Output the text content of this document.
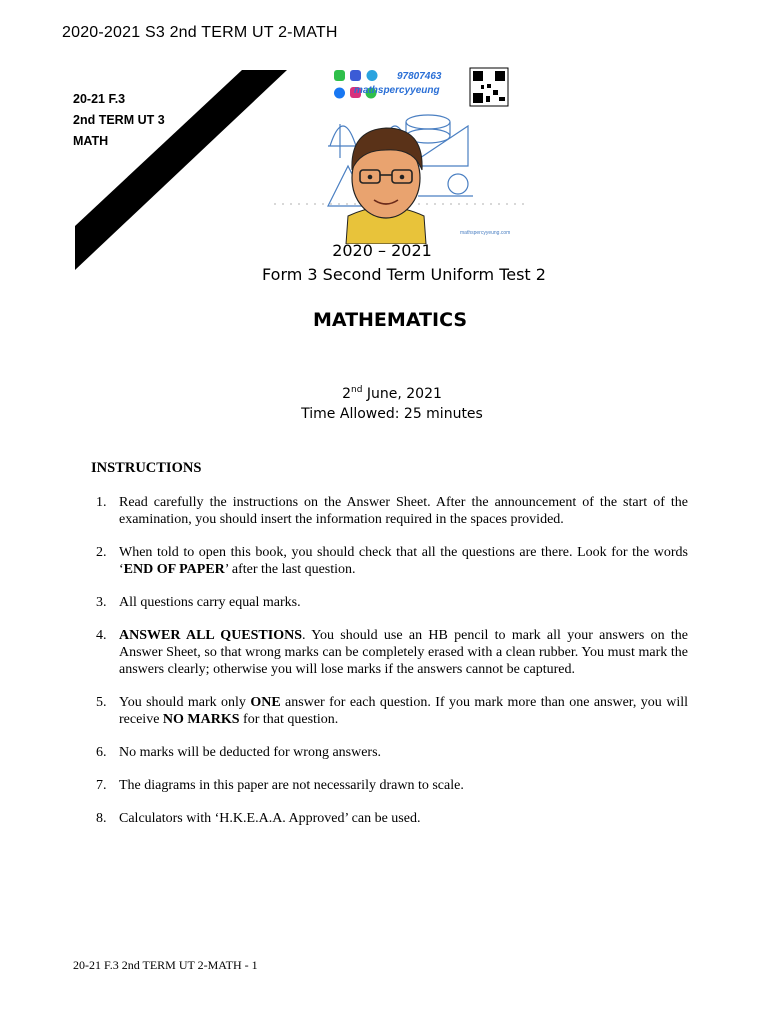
2020-2021 S3 2nd TERM UT 2-MATH
20-21 F.3
2nd TERM UT 3
MATH
97807463
mathspercyyeung
mathspercyyeung.com
2020 – 2021
Form 3 Second Term Uniform Test 2
MATHEMATICS
2nd June, 2021
Time Allowed: 25 minutes
INSTRUCTIONS
1. Read carefully the instructions on the Answer Sheet. After the announcement of the start of the examination, you should insert the information required in the spaces provided.
2. When told to open this book, you should check that all the questions are there. Look for the words ‘END OF PAPER’ after the last question.
3. All questions carry equal marks.
4. ANSWER ALL QUESTIONS. You should use an HB pencil to mark all your answers on the Answer Sheet, so that wrong marks can be completely erased with a clean rubber. You must mark the answers clearly; otherwise you will lose marks if the answers cannot be captured.
5. You should mark only ONE answer for each question. If you mark more than one answer, you will receive NO MARKS for that question.
6. No marks will be deducted for wrong answers.
7. The diagrams in this paper are not necessarily drawn to scale.
8. Calculators with ‘H.K.E.A.A. Approved’ can be used.
20-21 F.3 2nd TERM UT 2-MATH - 1
